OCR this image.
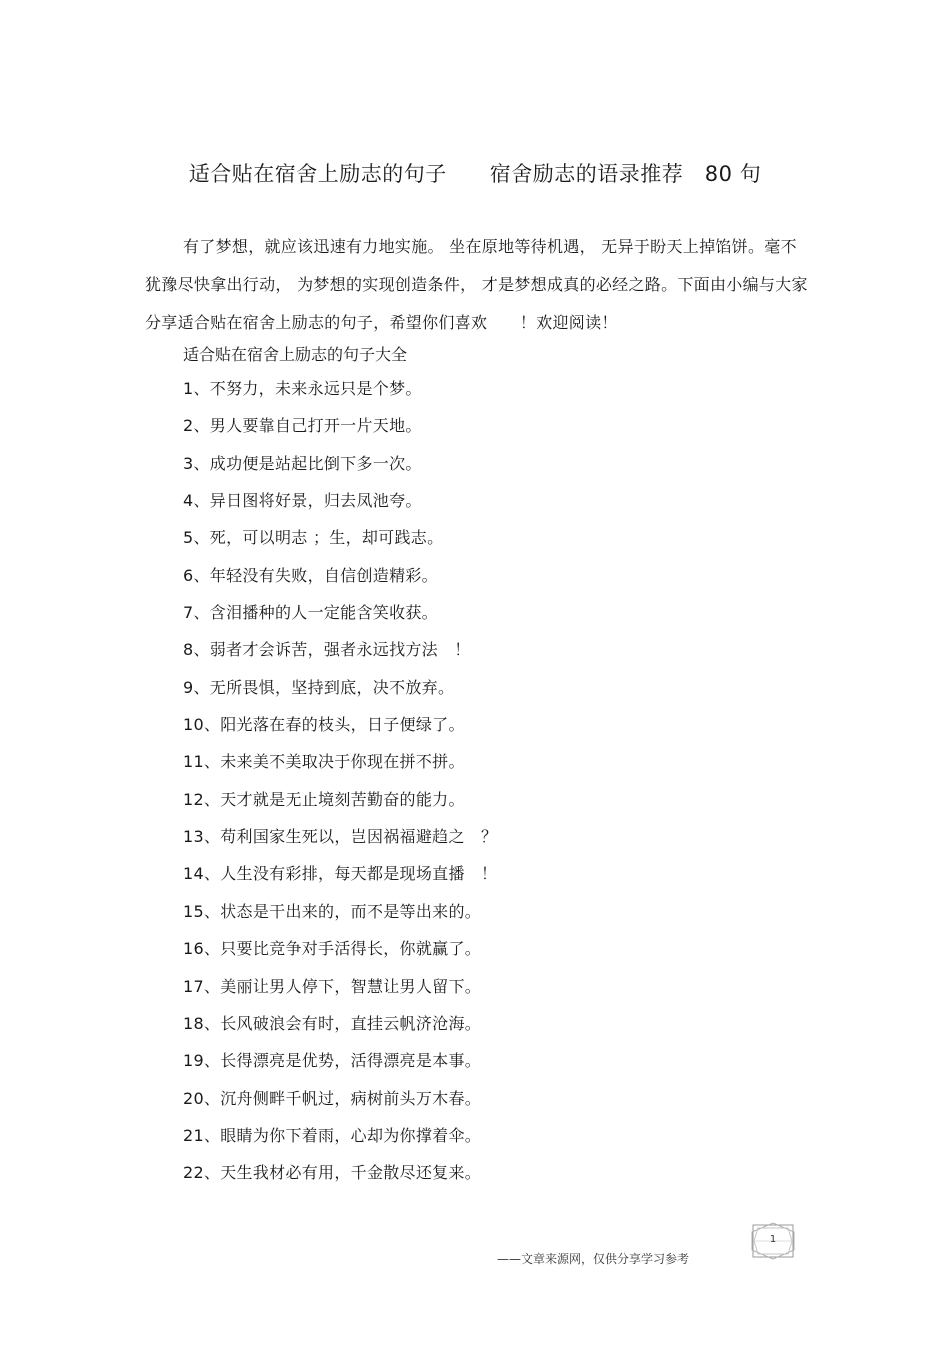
适合贴在宿舍上励志的句子　　宿舍励志的语录推荐　80 句

有了梦想，就应该迅速有力地实施。 坐在原地等待机遇， 无异于盼天上掉馅饼。毫不犹豫尽快拿出行动， 为梦想的实现创造条件， 才是梦想成真的必经之路。下面由小编与大家分享适合贴在宿舍上励志的句子，希望你们喜欢　　！欢迎阅读！

适合贴在宿舍上励志的句子大全

1、不努力，未来永远只是个梦。
2、男人要靠自己打开一片天地。
3、成功便是站起比倒下多一次。
4、异日图将好景，归去凤池夸。
5、死，可以明志 ；生，却可践志。
6、年轻没有失败，自信创造精彩。
7、含泪播种的人一定能含笑收获。
8、弱者才会诉苦，强者永远找方法　！
9、无所畏惧，坚持到底，决不放弃。
10、阳光落在春的枝头，日子便绿了。
11、未来美不美取决于你现在拼不拼。
12、天才就是无止境刻苦勤奋的能力。
13、苟利国家生死以，岂因祸福避趋之　？
14、人生没有彩排，每天都是现场直播　！
15、状态是干出来的，而不是等出来的。
16、只要比竞争对手活得长，你就赢了。
17、美丽让男人停下，智慧让男人留下。
18、长风破浪会有时，直挂云帆济沧海。
19、长得漂亮是优势，活得漂亮是本事。
20、沉舟侧畔千帆过，病树前头万木春。
21、眼睛为你下着雨，心却为你撑着伞。
22、天生我材必有用，千金散尽还复来。
——文章来源网，仅供分享学习参考
1
